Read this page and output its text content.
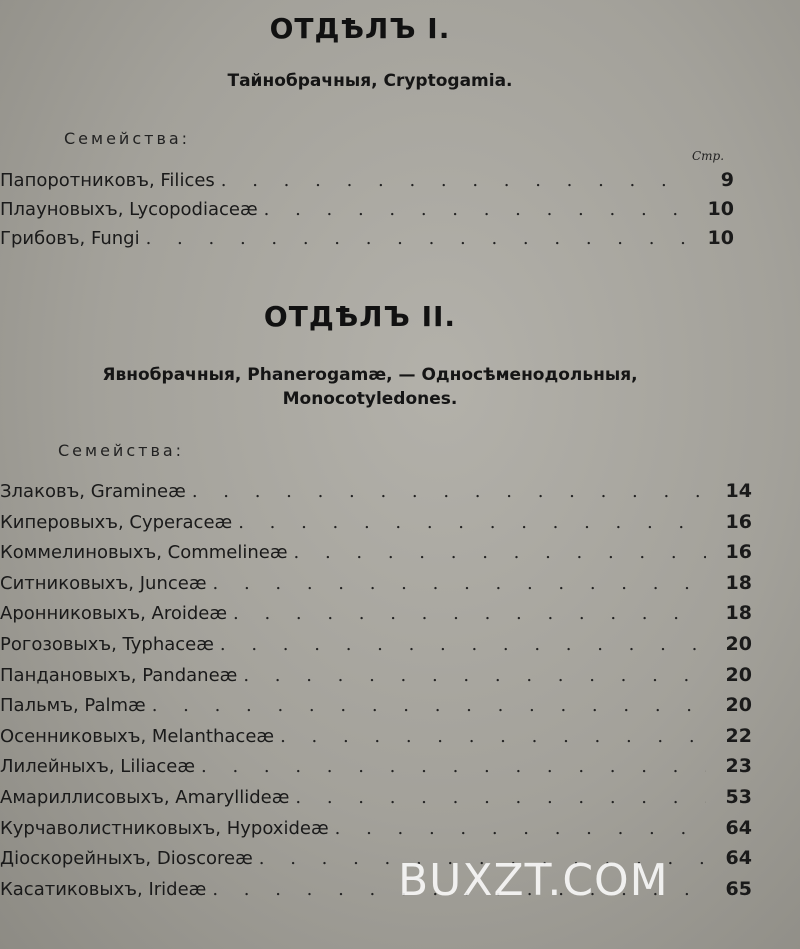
ОТДѢЛЪ I.
Тайнобрачныя, Cryptogamia.
Семейства:
Стр.
Папоротниковъ, Filices . . .	9
Плауновыхъ, Lycopodiaceæ . . .	10
Грибовъ, Fungi . . .	10
ОТДѢЛЪ II.
Явнобрачныя, Phanerogamæ, — Односѣменодольныя,
Monocotyledones.
Семейства:
Злаковъ, Gramineæ . . .	14
Киперовыхъ, Cyperaceæ . . .	16
Коммелиновыхъ, Commelineæ . . .	16
Ситниковыхъ, Junceæ . . .	18
Аронниковыхъ, Aroideæ . . .	18
Рогозовыхъ, Typhaceæ . . .	20
Пандановыхъ, Pandaneæ . . .	20
Пальмъ, Palmæ . . .	20
Осенниковыхъ, Melanthaceæ . . .	22
Лилейныхъ, Liliaceæ . . .	23
Амариллисовыхъ, Amaryllideæ . . .	53
Курчаволистниковыхъ, Hypoxideæ . . .	64
Діоскорейныхъ, Dioscoreæ . . .	64
Касатиковыхъ, Irideæ . . .	65
BUXZT.COM
